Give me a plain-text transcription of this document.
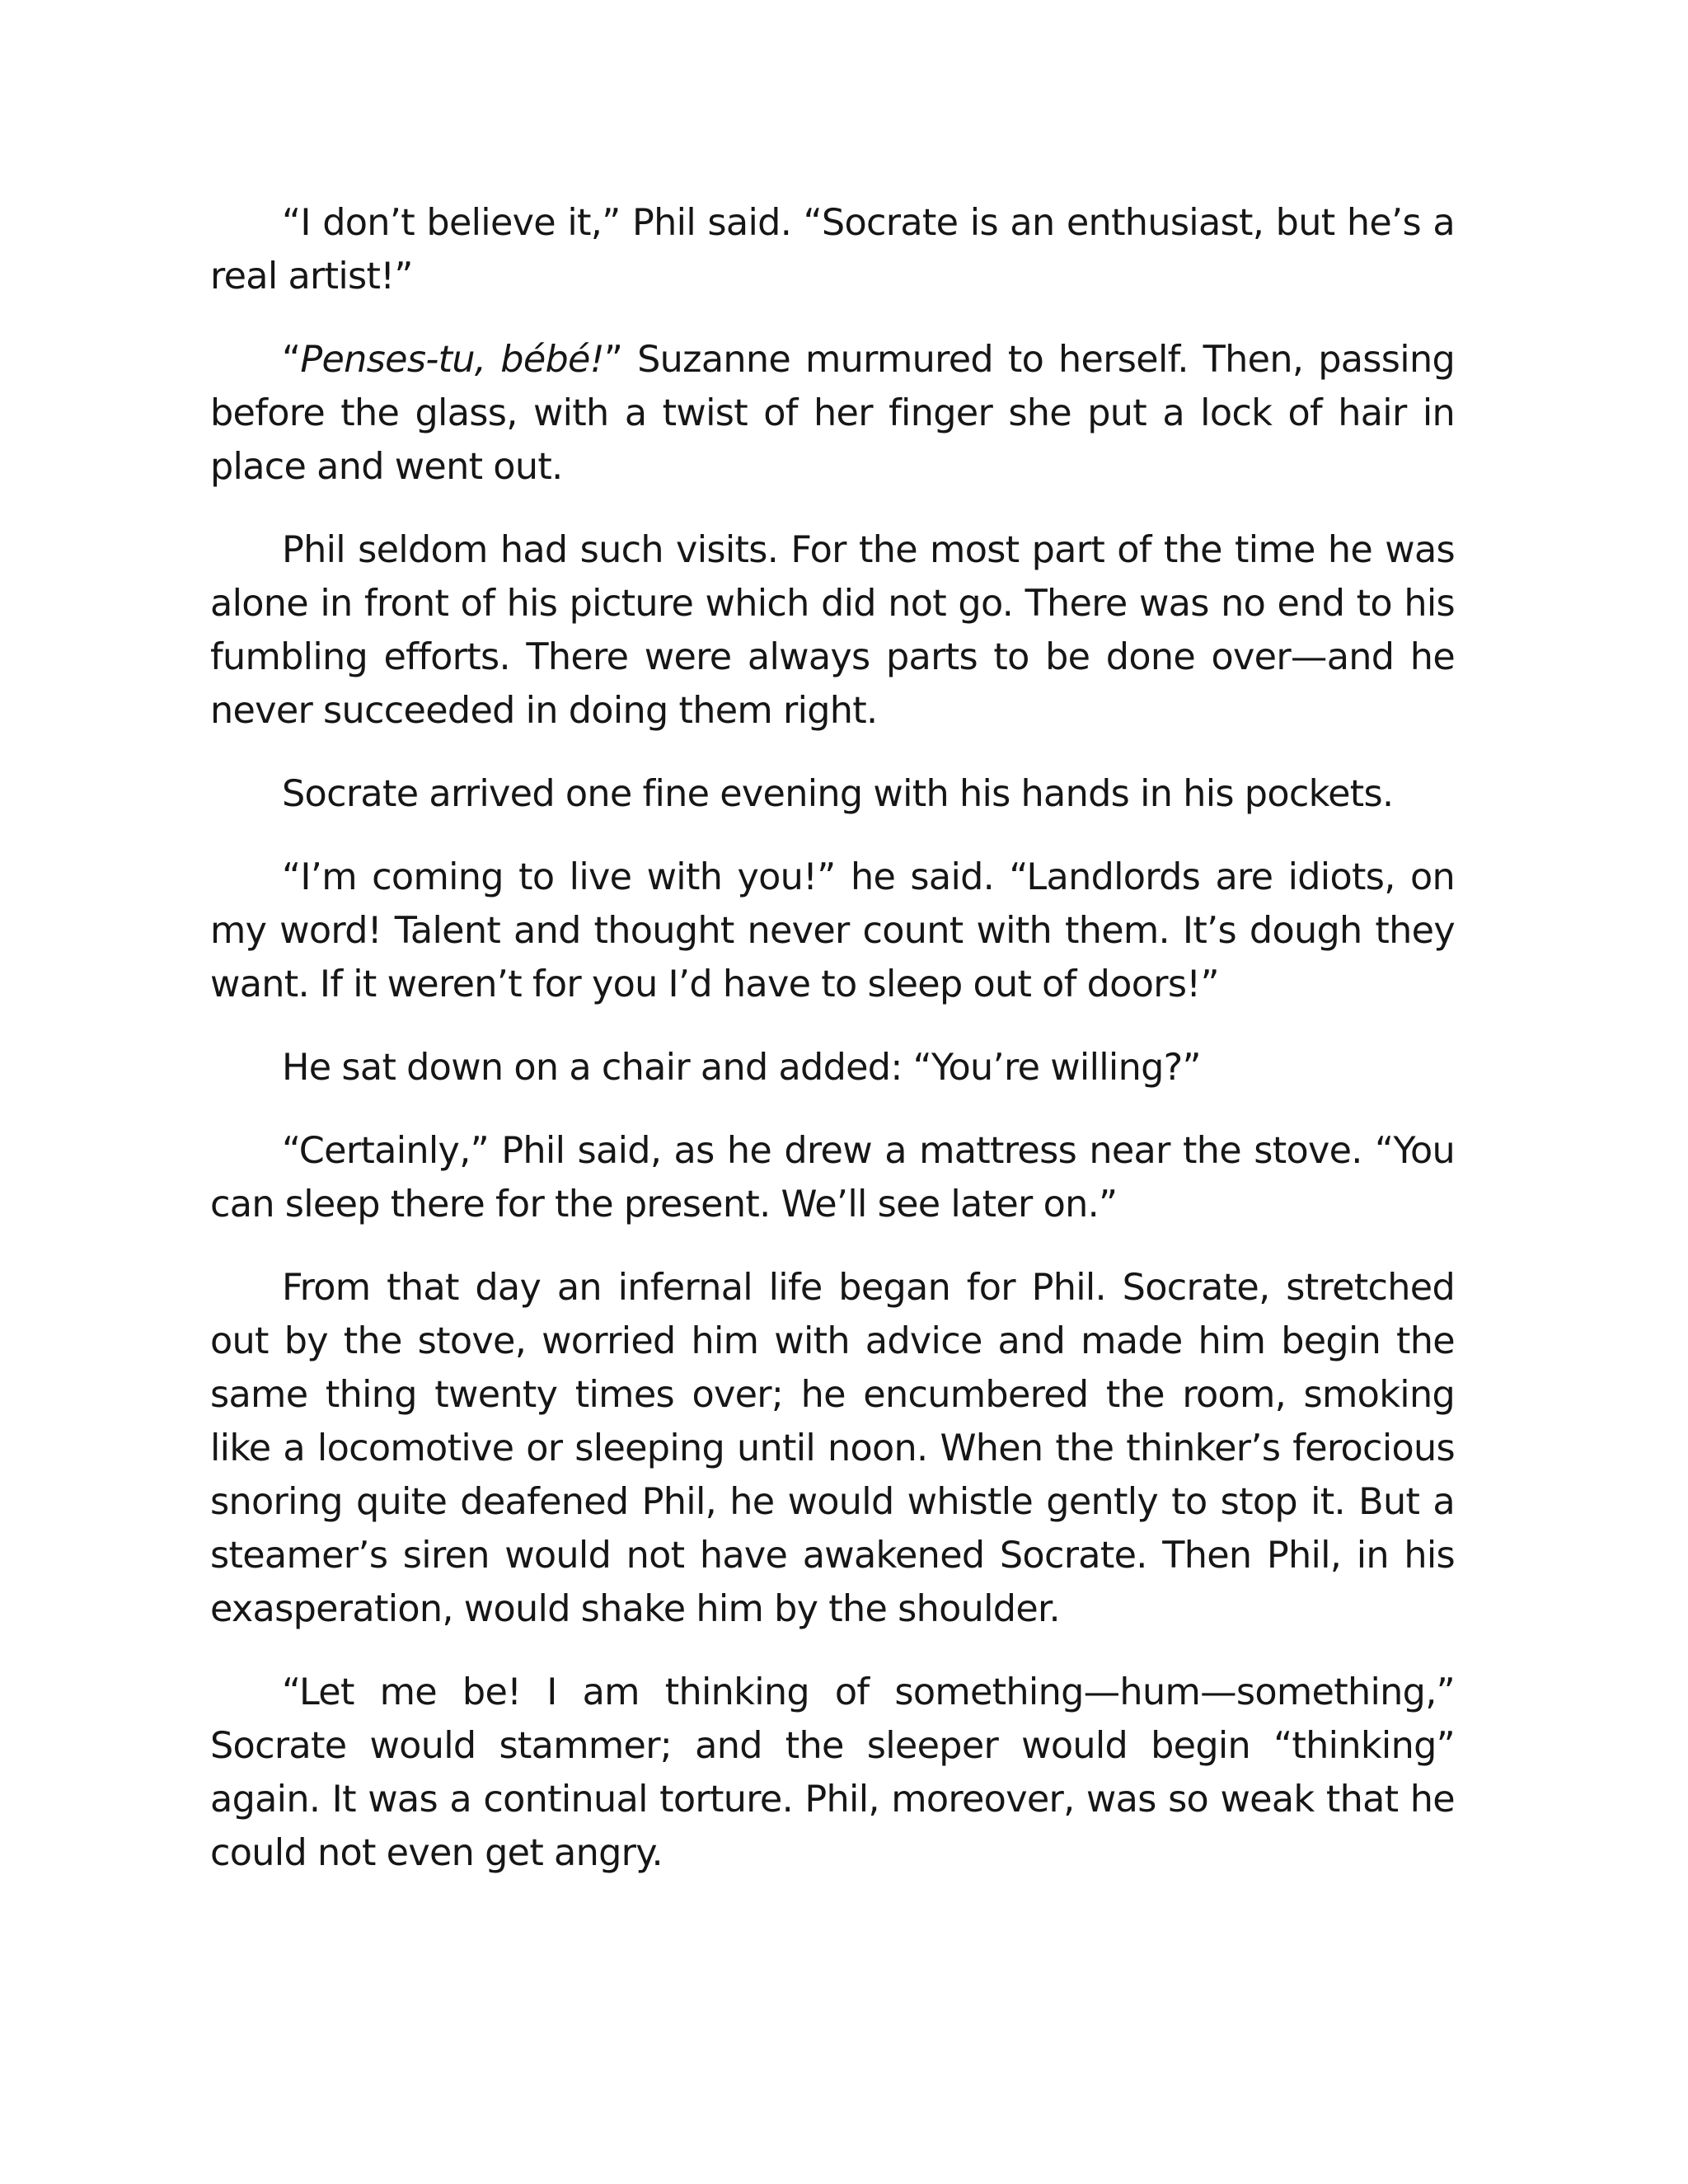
“I don’t believe it,” Phil said. “Socrate is an enthusiast, but he’s a real artist!”

“Penses-tu, bébé!” Suzanne murmured to herself. Then, passing before the glass, with a twist of her finger she put a lock of hair in place and went out.

Phil seldom had such visits. For the most part of the time he was alone in front of his picture which did not go. There was no end to his fumbling efforts. There were always parts to be done over—and he never succeeded in doing them right.

Socrate arrived one fine evening with his hands in his pockets.

“I’m coming to live with you!” he said. “Landlords are idiots, on my word! Talent and thought never count with them. It’s dough they want. If it weren’t for you I’d have to sleep out of doors!”

He sat down on a chair and added: “You’re willing?”

“Certainly,” Phil said, as he drew a mattress near the stove. “You can sleep there for the present. We’ll see later on.”

From that day an infernal life began for Phil. Socrate, stretched out by the stove, worried him with advice and made him begin the same thing twenty times over; he encumbered the room, smoking like a locomotive or sleeping until noon. When the thinker’s ferocious snoring quite deafened Phil, he would whistle gently to stop it. But a steamer’s siren would not have awakened Socrate. Then Phil, in his exasperation, would shake him by the shoulder.

“Let me be! I am thinking of something—hum—something,” Socrate would stammer; and the sleeper would begin “thinking” again. It was a continual torture. Phil, moreover, was so weak that he could not even get angry.
